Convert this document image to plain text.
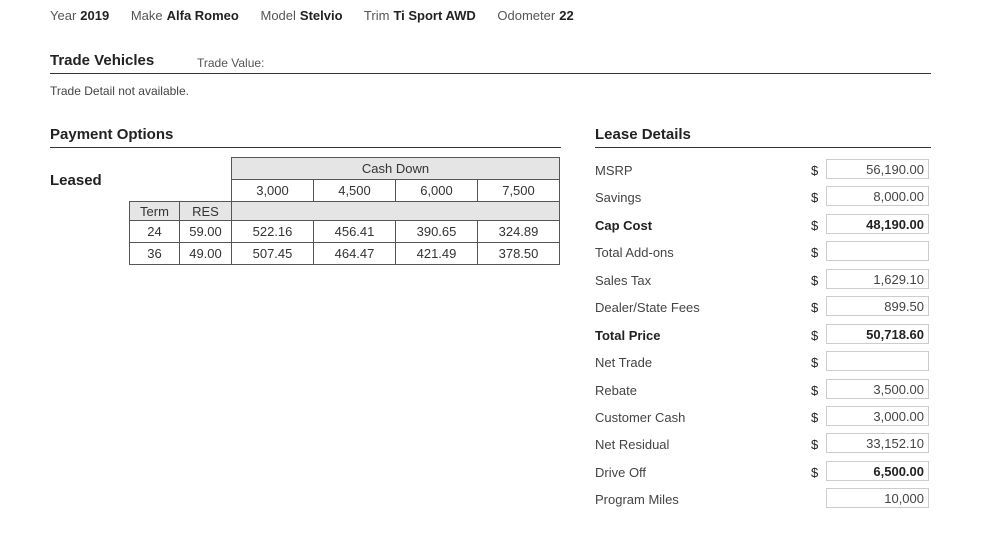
Year 2019 Make Alfa Romeo Model Stelvio Trim Ti Sport AWD Odometer 22
Trade Vehicles	Trade Value:
Trade Detail not available.
Payment Options
Leased
		Cash Down			
		3,000	4,500	6,000	7,500
Term	RES				
24	59.00	522.16	456.41	390.65	324.89
36	49.00	507.45	464.47	421.49	378.50
Lease Details
MSRP	$	56,190.00
Savings	$	8,000.00
Cap Cost	$	48,190.00
Total Add-ons	$
Sales Tax	$	1,629.10
Dealer/State Fees	$	899.50
Total Price	$	50,718.60
Net Trade	$
Rebate	$	3,500.00
Customer Cash	$	3,000.00
Net Residual	$	33,152.10
Drive Off	$	6,500.00
Program Miles	10,000
